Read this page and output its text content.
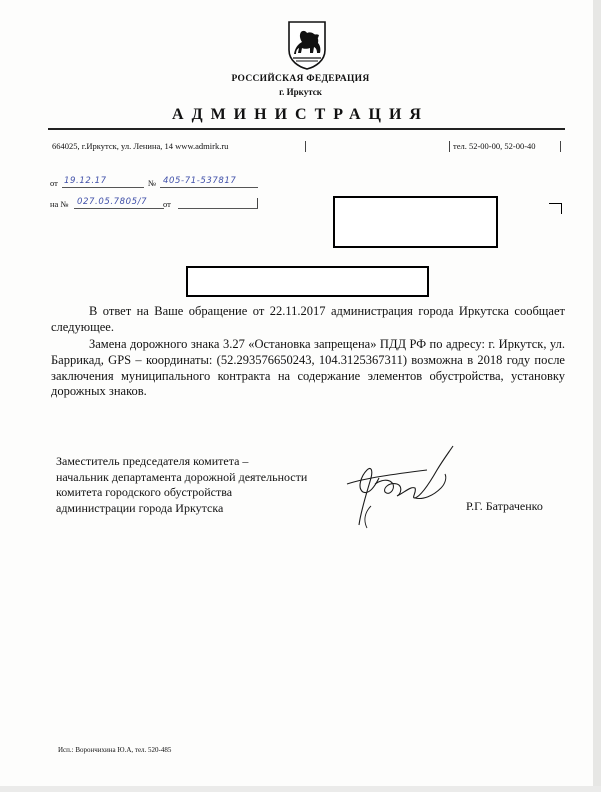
РОССИЙСКАЯ ФЕДЕРАЦИЯ
г. Иркутск
АДМИНИСТРАЦИЯ
664025, г.Иркутск, ул. Ленина, 14 www.admirk.ru	тел. 52-00-00, 52-00-40
от 19.12.17	№ 405-71-537817
на № 027.05.7805/7 от
В ответ на Ваше обращение от 22.11.2017 администрация города Иркутска сообщает следующее.
Замена дорожного знака 3.27 «Остановка запрещена» ПДД РФ по адресу: г. Иркутск, ул. Баррикад, GPS – координаты: (52.293576650243, 104.3125367311) возможна в 2018 году после заключения муниципального контракта на содержание элементов обустройства, установку дорожных знаков.
Заместитель председателя комитета –
начальник департамента дорожной деятельности
комитета городского обустройства
администрации города Иркутска	Р.Г. Батраченко
Исп.: Ворончихина Ю.А, тел. 520-485
